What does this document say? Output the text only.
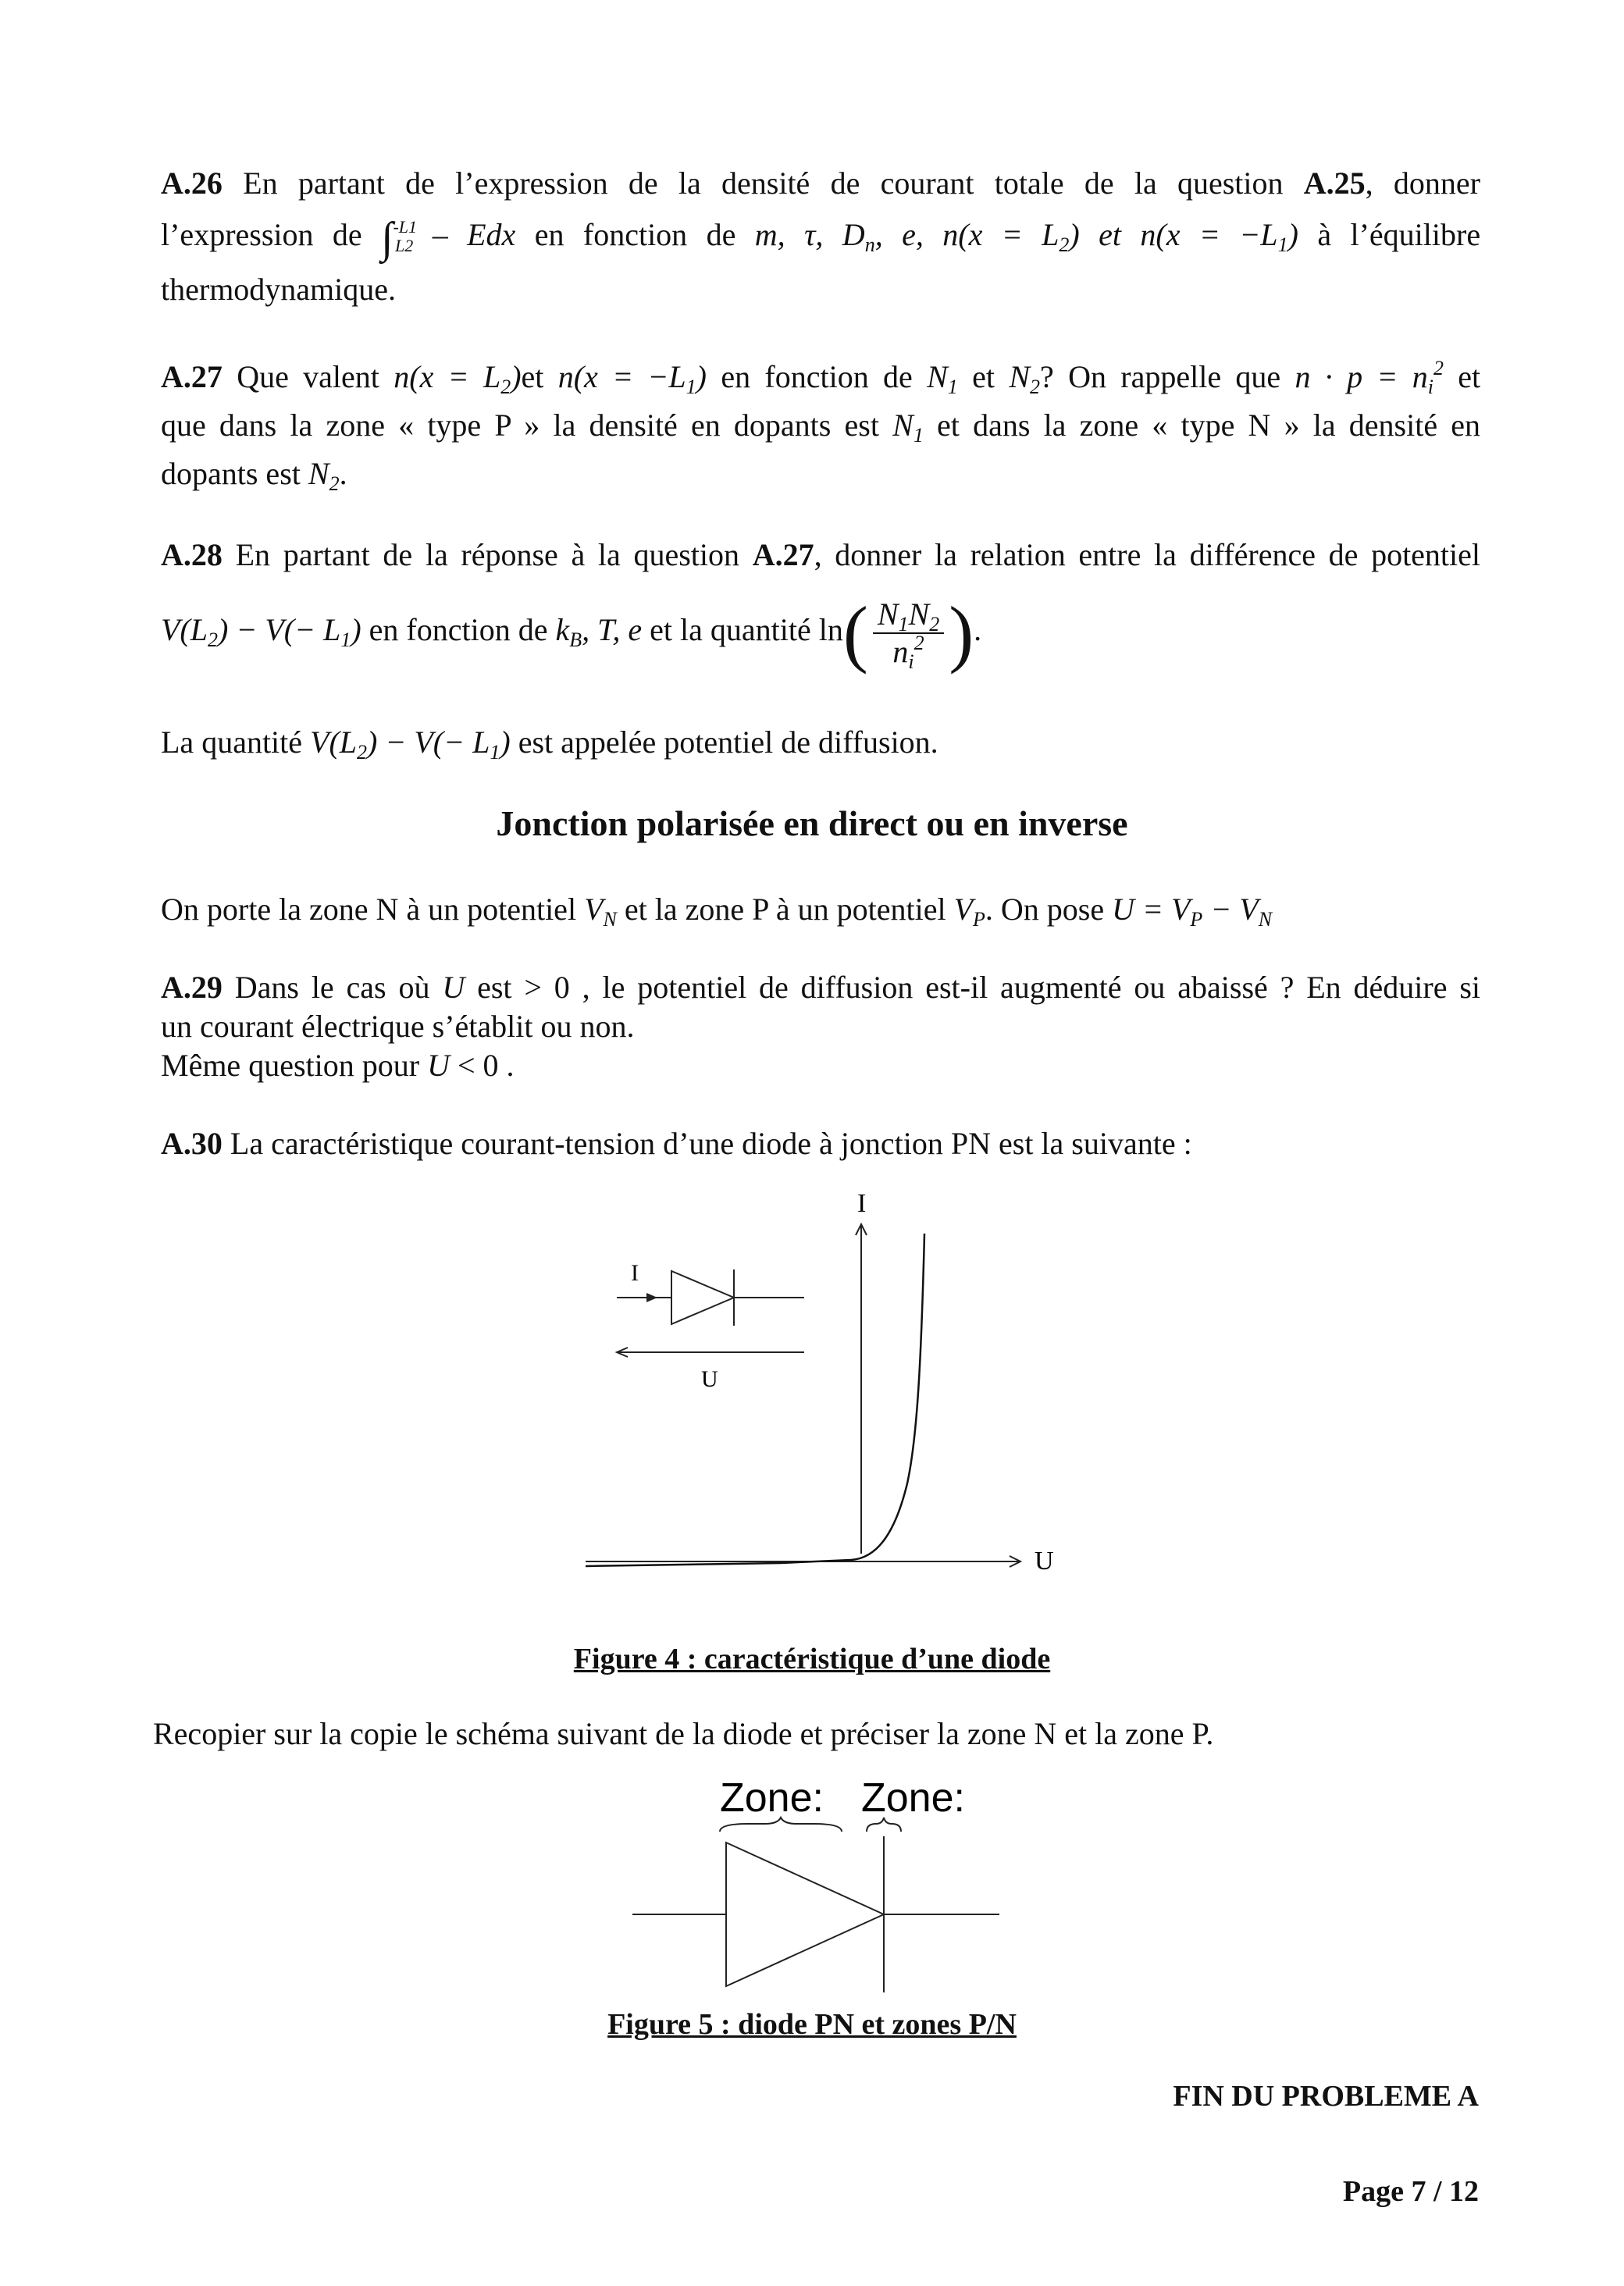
A.26 En partant de l’expression de la densité de courant totale de la question A.25, donner
l’expression de ∫$^{-L1}_{L2}$ – Edx en fonction de m, τ, $D_n$, e, $n(x = L_2)$ et $n(x = -L_1)$ à l’équilibre
thermodynamique.
A.27 Que valent $n(x = L_2)et$ $n(x = -L_1)$ en fonction de $N_1$ et $N_2$? On rappelle que $n \cdot p = n_i^2$ et
que dans la zone « type P » la densité en dopants est $N_1$ et dans la zone « type N » la densité en
dopants est $N_2$.
A.28 En partant de la réponse à la question A.27, donner la relation entre la différence de potentiel
$V(L_2) - V(- L_1)$ en fonction de $k_B$, T, e et la quantité $\ln( \frac{N_1N_2}{n_i^2}$ ).
La quantité $V(L_2) - V(- L_1)$ est appelée potentiel de diffusion.
Jonction polarisée en direct ou en inverse
On porte la zone N à un potentiel $V_N$ et la zone P à un potentiel $V_P$. On pose $U = V_P - V_N$
A.29 Dans le cas où U est > 0 , le potentiel de diffusion est-il augmenté ou abaissé ? En déduire si
un courant électrique s’établit ou non.
Même question pour U < 0 .
A.30 La caractéristique courant-tension d’une diode à jonction PN est la suivante :
I
U
I
U
Figure 4 : caractéristique d’une diode
Recopier sur la copie le schéma suivant de la diode et préciser la zone N et la zone P.
Zone: Zone:
Figure 5 : diode PN et zones P/N
FIN DU PROBLEME A
Page 7 / 12
